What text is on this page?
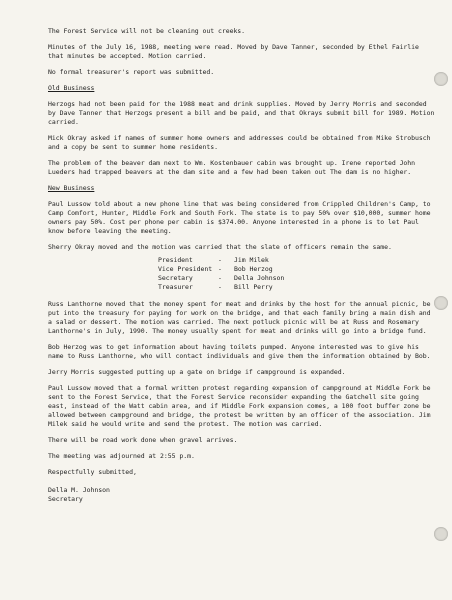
The Forest Service will not be cleaning out creeks.

Minutes of the July 16, 1988, meeting were read. Moved by Dave Tanner, seconded by Ethel Fairlie that minutes be accepted. Motion carried.

No formal treasurer's report was submitted.

Old Business

Herzogs had not been paid for the 1988 meat and drink supplies. Moved by Jerry Morris and seconded by Dave Tanner that Herzogs present a bill and be paid, and that Okrays submit bill for 1989. Motion carried.

Mick Okray asked if names of summer home owners and addresses could be obtained from Mike Strobusch and a copy be sent to summer home residents.

The problem of the beaver dam next to Wm. Kostenbauer cabin was brought up. Irene reported John Lueders had trapped beavers at the dam site and a few had been taken out The dam is no higher.

New Business

Paul Lussow told about a new phone line that was being considered from Crippled Children's Camp, to Camp Comfort, Hunter, Middle Fork and South Fork. The state is to pay 50% over $10,000, summer home owners pay 50%. Cost per phone per cabin is $374.00. Anyone interested in a phone is to let Paul know before leaving the meeting.

Sherry Okray moved and the motion was carried that the slate of officers remain the same.

President	-	Jim Milek
Vice President -	Bob Herzog
Secretary	-	Della Johnson
Treasurer	-	Bill Perry

Russ Lanthorne moved that the money spent for meat and drinks by the host for the annual picnic, be put into the treasury for paying for work on the bridge, and that each family bring a main dish and a salad or dessert. The motion was carried. The next potluck picnic will be at Russ and Rosemary Lanthorne's in July, 1990. The money usually spent for meat and drinks will go into a bridge fund.

Bob Herzog was to get information about having toilets pumped. Anyone interested was to give his name to Russ Lanthorne, who will contact individuals and give them the information obtained by Bob.

Jerry Morris suggested putting up a gate on bridge if campground is expanded.

Paul Lussow moved that a formal written protest regarding expansion of campground at Middle Fork be sent to the Forest Service, that the Forest Service reconsider expanding the Gatchell site going east, instead of the Watt cabin area, and if Middle Fork expansion comes, a 100 foot buffer zone be allowed between campground and bridge, the protest be written by an officer of the association. Jim Milek said he would write and send the protest. The motion was carried.

There will be road work done when gravel arrives.

The meeting was adjourned at 2:55 p.m.

Respectfully submitted,

Della M. Johnson

Secretary
